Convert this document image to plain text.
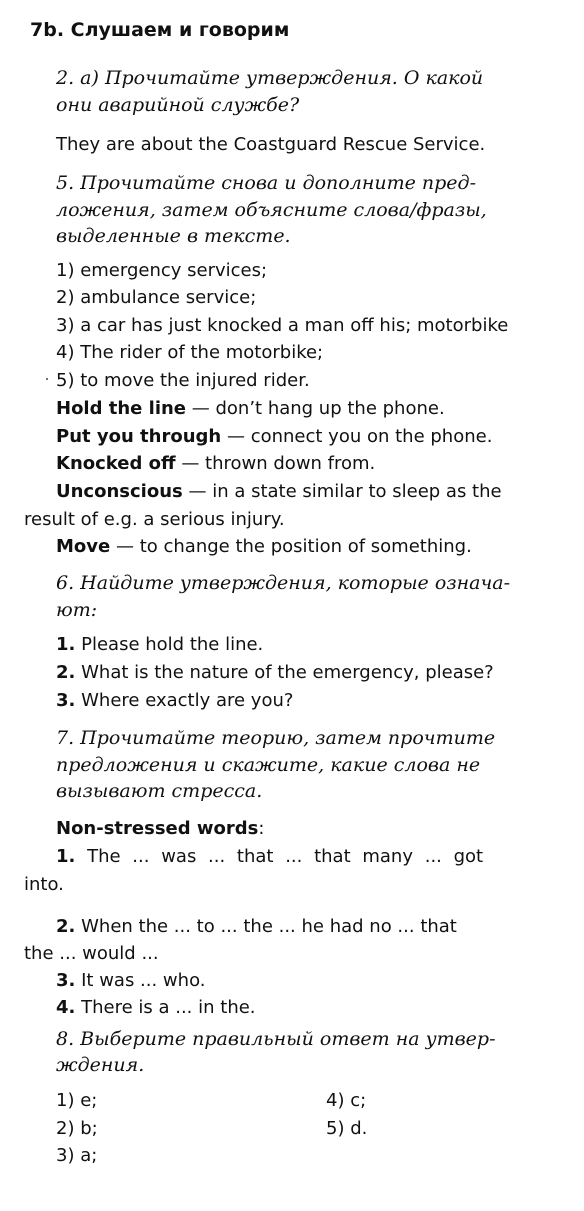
7b. Слушаем и говорим
2. а) Прочитайте утверждения. О какой
они аварийной службе?
They are about the Coastguard Rescue Service.
5. Прочитайте снова и дополните пред-
ложения, затем объясните слова/фразы,
выделенные в тексте.
1) emergency services;
2) ambulance service;
3) a car has just knocked a man off his; motorbike
4) The rider of the motorbike;
5) to move the injured rider.
Hold the line — don’t hang up the phone.
Put you through — connect you on the phone.
Knocked off — thrown down from.
Unconscious — in a state similar to sleep as the
result of e.g. a serious injury.
Move — to change the position of something.
6. Найдите утверждения, которые означа-
ют:
1. Please hold the line.
2. What is the nature of the emergency, please?
3. Where exactly are you?
7. Прочитайте теорию, затем прочтите
предложения и скажите, какие слова не
вызывают стресса.
Non-stressed words:
1. The ... was ... that ... that many ... got
into.
2. When the ... to ... the ... he had no ... that
the ... would ...
3. It was ... who.
4. There is a ... in the.
8. Выберите правильный ответ на утвер-
ждения.
1) e;
2) b;
3) a;
4) c;
5) d.
